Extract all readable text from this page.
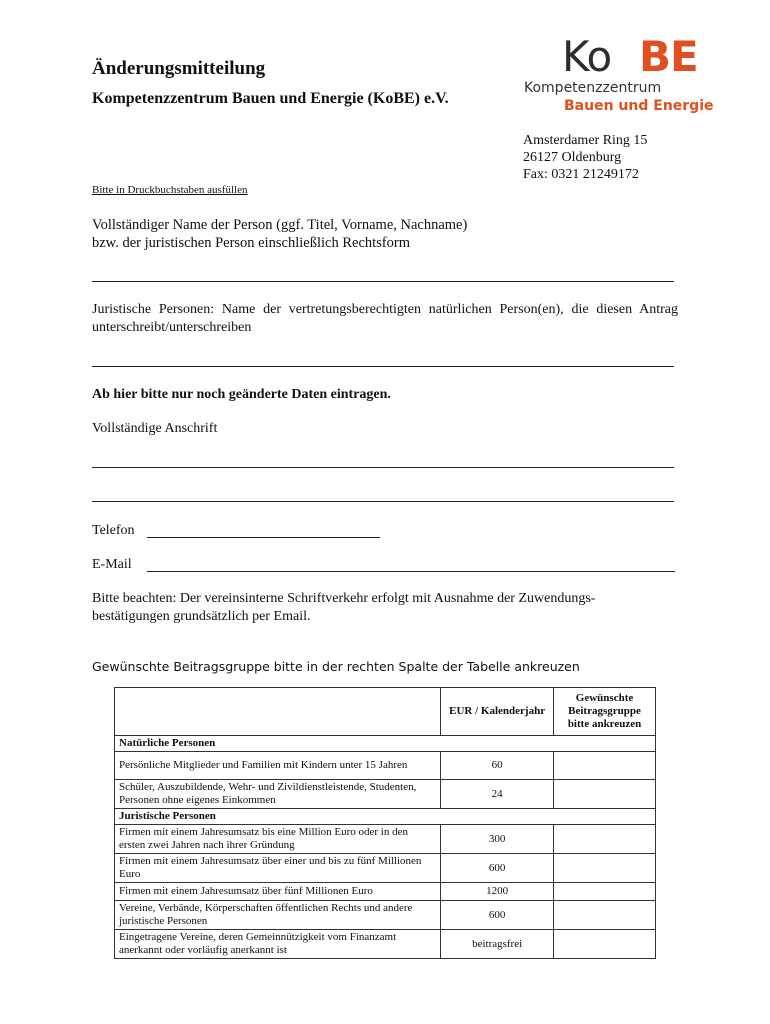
Änderungsmitteilung
Kompetenzzentrum Bauen und Energie (KoBE) e.V.
Ko BE
Kompetenzzentrum
Bauen und Energie
Amsterdamer Ring 15
26127 Oldenburg
Fax: 0321 21249172
Bitte in Druckbuchstaben ausfüllen
Vollständiger Name der Person (ggf. Titel, Vorname, Nachname)
bzw. der juristischen Person einschließlich Rechtsform
Juristische Personen: Name der vertretungsberechtigten natürlichen Person(en), die diesen Antrag unterschreibt/unterschreiben
Ab hier bitte nur noch geänderte Daten eintragen.
Vollständige Anschrift
Telefon
E-Mail
Bitte beachten: Der vereinsinterne Schriftverkehr erfolgt mit Ausnahme der Zuwendungs-bestätigungen grundsätzlich per Email.
Gewünschte Beitragsgruppe bitte in der rechten Spalte der Tabelle ankreuzen
	EUR / Kalenderjahr	Gewünschte Beitragsgruppe bitte ankreuzen
Natürliche Personen		
Persönliche Mitglieder und Familien mit Kindern unter 15 Jahren	60	
Schüler, Auszubildende, Wehr- und Zivildienstleistende, Studenten, Personen ohne eigenes Einkommen	24	
Juristische Personen		
Firmen mit einem Jahresumsatz bis eine Million Euro oder in den ersten zwei Jahren nach ihrer Gründung	300	
Firmen mit einem Jahresumsatz über einer und bis zu fünf Millionen Euro	600	
Firmen mit einem Jahresumsatz über fünf Millionen Euro	1200	
Vereine, Verbände, Körperschaften öffentlichen Rechts und andere juristische Personen	600	
Eingetragene Vereine, deren Gemeinnützigkeit vom Finanzamt anerkannt oder vorläufig anerkannt ist	beitragsfrei	
